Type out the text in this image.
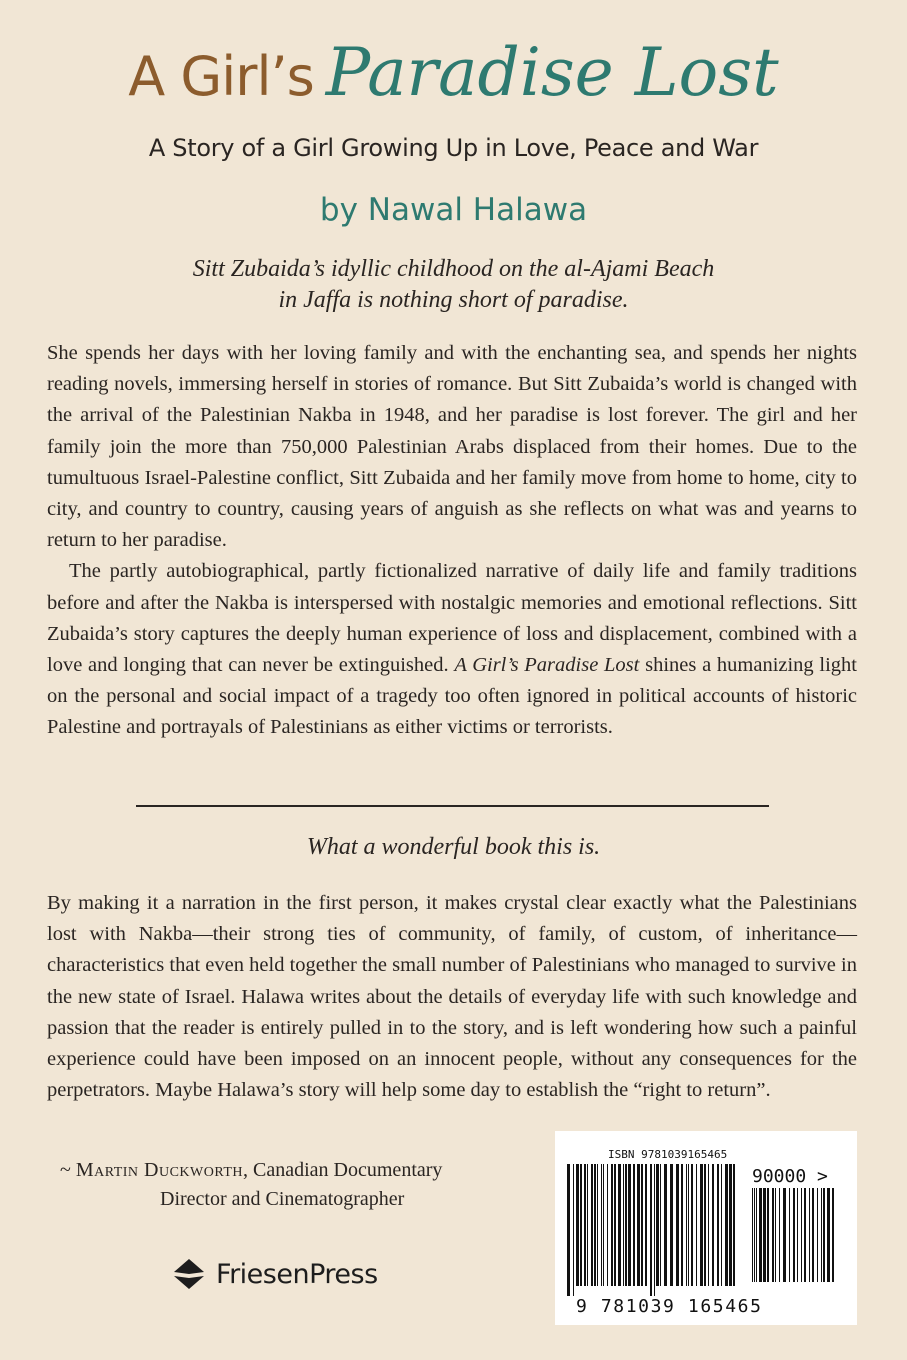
A Girl’s Paradise Lost
A Story of a Girl Growing Up in Love, Peace and War
by Nawal Halawa
Sitt Zubaida’s idyllic childhood on the al-Ajami Beach
in Jaffa is nothing short of paradise.

She spends her days with her loving family and with the enchanting sea, and spends her nights reading novels, immersing herself in stories of romance. But Sitt Zubaida’s world is changed with the arrival of the Palestinian Nakba in 1948, and her paradise is lost forever. The girl and her family join the more than 750,000 Palestinian Arabs displaced from their homes. Due to the tumultuous Israel-Palestine conflict, Sitt Zubaida and her family move from home to home, city to city, and country to country, causing years of anguish as she reflects on what was and yearns to return to her paradise.

The partly autobiographical, partly fictionalized narrative of daily life and family traditions before and after the Nakba is interspersed with nostalgic memories and emotional reflections. Sitt Zubaida’s story captures the deeply human experience of loss and displacement, combined with a love and longing that can never be extinguished. A Girl’s Paradise Lost shines a humanizing light on the personal and social impact of a tragedy too often ignored in political accounts of historic Palestine and portrayals of Palestinians as either victims or terrorists.

What a wonderful book this is.

By making it a narration in the first person, it makes crystal clear exactly what the Palestinians lost with Nakba—their strong ties of community, of family, of custom, of inheritance—characteristics that even held together the small number of Palestinians who managed to survive in the new state of Israel. Halawa writes about the details of everyday life with such knowledge and passion that the reader is entirely pulled in to the story, and is left wondering how such a painful experience could have been imposed on an innocent people, without any consequences for the perpetrators. Maybe Halawa’s story will help some day to establish the “right to return”.

~ Martin Duckworth, Canadian Documentary
Director and Cinematographer
FriesenPress
ISBN 9781039165465
90000 >
9 781039 165465
